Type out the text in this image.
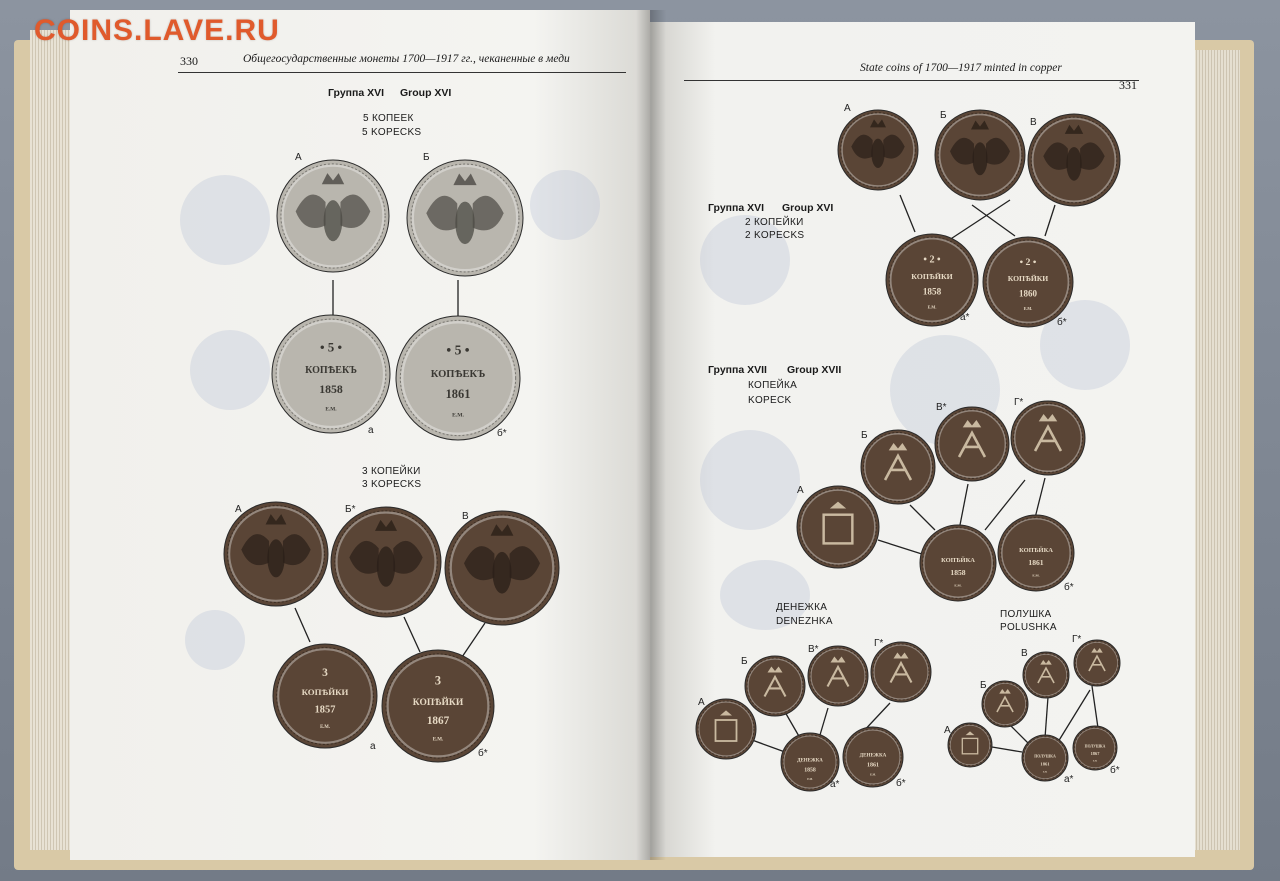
COINS.LAVE.RU
330	Общегосударственные монеты 1700—1917 гг., чеканенные в меди
Группа XVI Group XVI
5 КОПЕЕК
5 KOPECKS
А	Б
а	б*
3 КОПЕЙКИ
3 KOPECKS
А	Б*
В
а
б*
State coins of 1700—1917 minted in copper
331
А
Б
В
а*	б*
Группа XVI Group XVI
2 КОПЕЙКИ
2 KOPECKS
Группа XVII Group XVII
КОПЕЙКА
KOPECK
А
Б
В*	Г*
б*
ДЕНЕЖКА
DENEZHKA
ПОЛУШКА
POLUSHKA
А
Б
В*
Г*
а*	б*
А
Б
В
Г*
а*
б*
• 5 •
КОПѢЕКЪ
1858
Е.М.
• 5 •
КОПѢЕКЪ
1861
Е.М.
3
КОПѢЙКИ
1857
Е.М.
3
КОПѢЙКИ
1867
Е.М.
• 2 •
КОПѢЙКИ
1858
Е.М.
• 2 •
КОПѢЙКИ
1860
Е.М.
КОПѢЙКА
1858
Е.М.
КОПѢЙКА
1861
Е.М.
ДЕНЕЖКА
1858
Е.М.
ДЕНЕЖКА
1861
Е.М.
ПОЛУШКА
1861
Е.М.
ПОЛУШКА
1867
Е.М.
